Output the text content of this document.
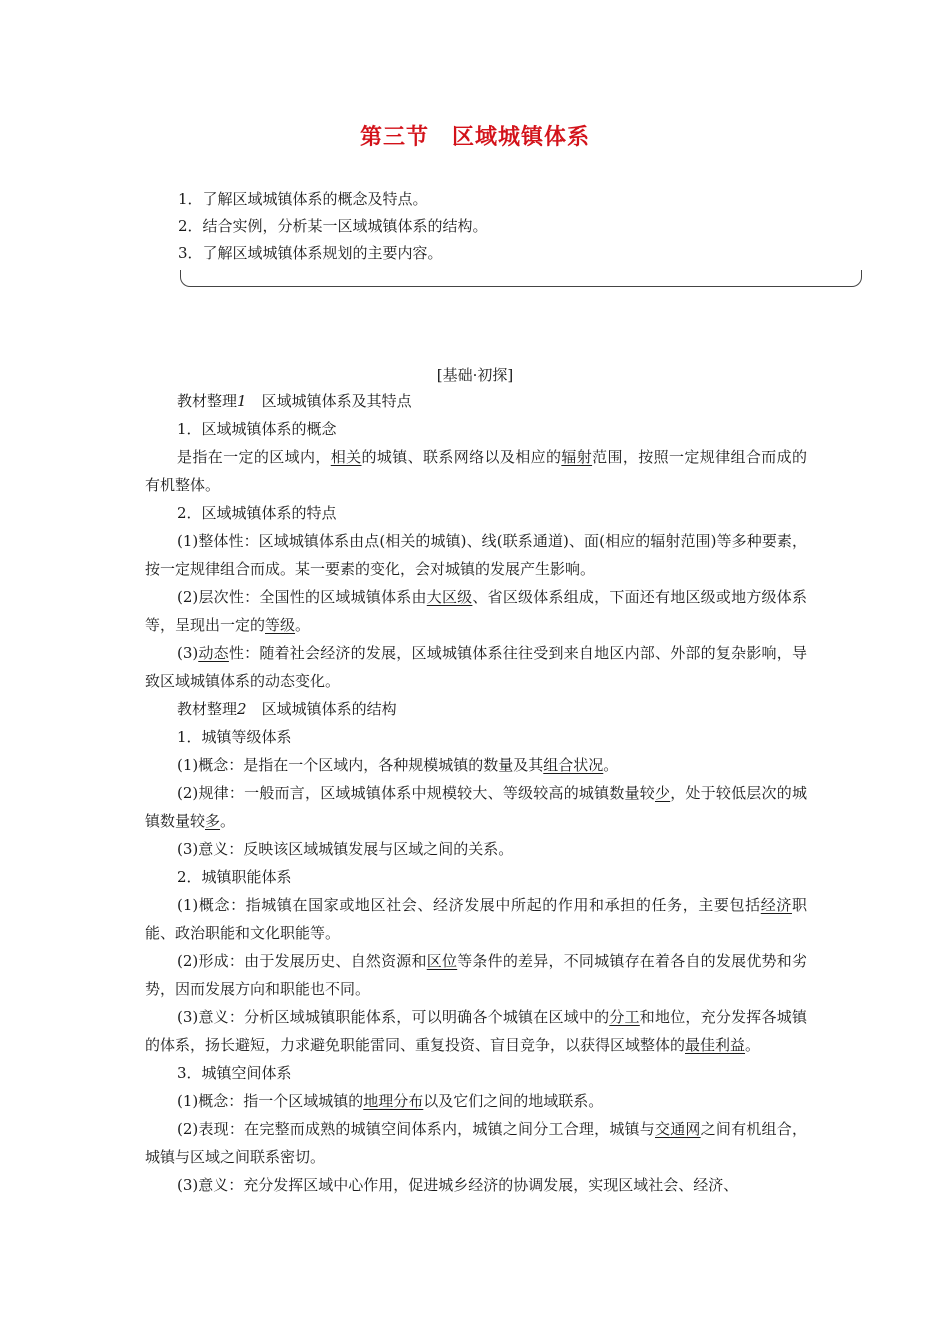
第三节　区域城镇体系
1．了解区域城镇体系的概念及特点。
2．结合实例，分析某一区域城镇体系的结构。
3．了解区域城镇体系规划的主要内容。
[基础·初探]

教材整理1　 区域城镇体系及其特点

1．区域城镇体系的概念

是指在一定的区域内，相关的城镇、联系网络以及相应的辐射范围，按照一定规律组合而成的有机整体。

2．区域城镇体系的特点

(1)整体性：区域城镇体系由点(相关的城镇)、线(联系通道)、面(相应的辐射范围)等多种要素，按一定规律组合而成。某一要素的变化，会对城镇的发展产生影响。

(2)层次性：全国性的区域城镇体系由大区级、省区级体系组成，下面还有地区级或地方级体系等，呈现出一定的等级。

(3)动态性：随着社会经济的发展，区域城镇体系往往受到来自地区内部、外部的复杂影响，导致区域城镇体系的动态变化。

教材整理2　 区域城镇体系的结构

1．城镇等级体系

(1)概念：是指在一个区域内，各种规模城镇的数量及其组合状况。

(2)规律：一般而言，区域城镇体系中规模较大、等级较高的城镇数量较少，处于较低层次的城镇数量较多。

(3)意义：反映该区域城镇发展与区域之间的关系。

2．城镇职能体系

(1)概念：指城镇在国家或地区社会、经济发展中所起的作用和承担的任务，主要包括经济职能、政治职能和文化职能等。

(2)形成：由于发展历史、自然资源和区位等条件的差异，不同城镇存在着各自的发展优势和劣势，因而发展方向和职能也不同。

(3)意义：分析区域城镇职能体系，可以明确各个城镇在区域中的分工和地位，充分发挥各城镇的体系，扬长避短，力求避免职能雷同、重复投资、盲目竞争，以获得区域整体的最佳利益。

3．城镇空间体系

(1)概念：指一个区域城镇的地理分布以及它们之间的地域联系。

(2)表现：在完整而成熟的城镇空间体系内，城镇之间分工合理，城镇与交通网之间有机组合，城镇与区域之间联系密切。

(3)意义：充分发挥区域中心作用，促进城乡经济的协调发展，实现区域社会、经济、
